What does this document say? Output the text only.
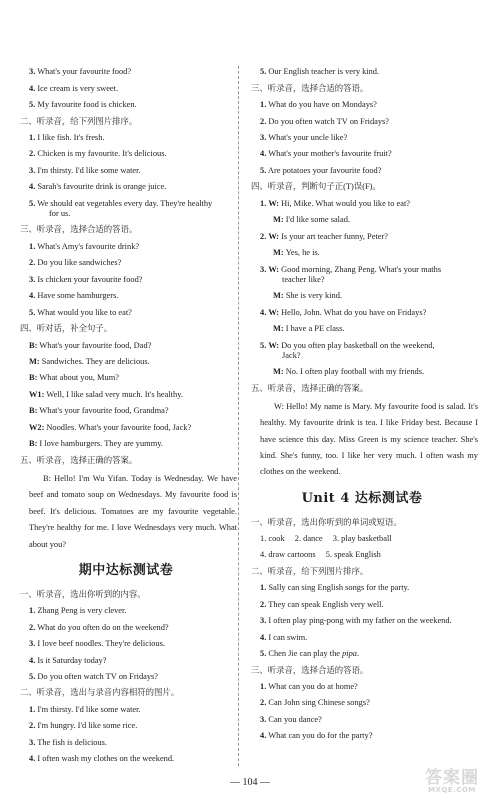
3. What's your favourite food?

4. Ice cream is very sweet.

5. My favourite food is chicken.

二、听录音，给下列图片排序。

1. I like fish. It's fresh.

2. Chicken is my favourite. It's delicious.

3. I'm thirsty. I'd like some water.

4. Sarah's favourite drink is orange juice.

5. We should eat vegetables every day. They're healthy
for us.

三、听录音，选择合适的答语。

1. What's Amy's favourite drink?

2. Do you like sandwiches?

3. Is chicken your favourite food?

4. Have some hamburgers.

5. What would you like to eat?

四、听对话，补全句子。

B: What's your favourite food, Dad?

M: Sandwiches. They are delicious.

B: What about you, Mum?

W1: Well, I like salad very much. It's healthy.

B: What's your favourite food, Grandma?

W2: Noodles. What's your favourite food, Jack?

B: I love hamburgers. They are yummy.

五、听录音，选择正确的答案。

B: Hello! I'm Wu Yifan. Today is Wednesday. We have beef and tomato soup on Wednesdays. My favourite food is beef. It's delicious. Tomatoes are my favourite vegetable. They're healthy for me. I love Wednesdays very much. What about you?

期中达标测试卷

一、听录音，选出你听到的内容。

1. Zhang Peng is very clever.

2. What do you often do on the weekend?

3. I love beef noodles. They're delicious.

4. Is it Saturday today?

5. Do you often watch TV on Fridays?

二、听录音，选出与录音内容相符的图片。

1. I'm thirsty. I'd like some water.

2. I'm hungry. I'd like some rice.

3. The fish is delicious.

4. I often wash my clothes on the weekend.

5. Our English teacher is very kind.

三、听录音，选择合适的答语。

1. What do you have on Mondays?

2. Do you often watch TV on Fridays?

3. What's your uncle like?

4. What's your mother's favourite fruit?

5. Are potatoes your favourite food?

四、听录音，判断句子正(T)误(F)。

1. W: Hi, Mike. What would you like to eat?

M: I'd like some salad.

2. W: Is your art teacher funny, Peter?

M: Yes, he is.

3. W: Good morning, Zhang Peng. What's your maths
teacher like?

M: She is very kind.

4. W: Hello, John. What do you have on Fridays?

M: I have a PE class.

5. W: Do you often play basketball on the weekend,
Jack?

M: No. I often play football with my friends.

五、听录音，选择正确的答案。

W: Hello! My name is Mary. My favourite food is salad. It's healthy. My favourite drink is tea. I like Friday best. Because I have science this day. Miss Green is my science teacher. She's kind. She's funny, too. I like her very much. I often wash my clothes on the weekend.

Unit 4 达标测试卷

一、听录音，选出你听到的单词或短语。

1. cook 2. dance 3. play basketball

4. draw cartoons 5. speak English

二、听录音，给下列图片排序。

1. Sally can sing English songs for the party.

2. They can speak English very well.

3. I often play ping-pong with my father on the weekend.

4. I can swim.

5. Chen Jie can play the pipa.

三、听录音，选择合适的答语。

1. What can you do at home?

2. Can John sing Chinese songs?

3. Can you dance?

4. What can you do for the party?

— 104 —	答案圈
MXQE.COM
